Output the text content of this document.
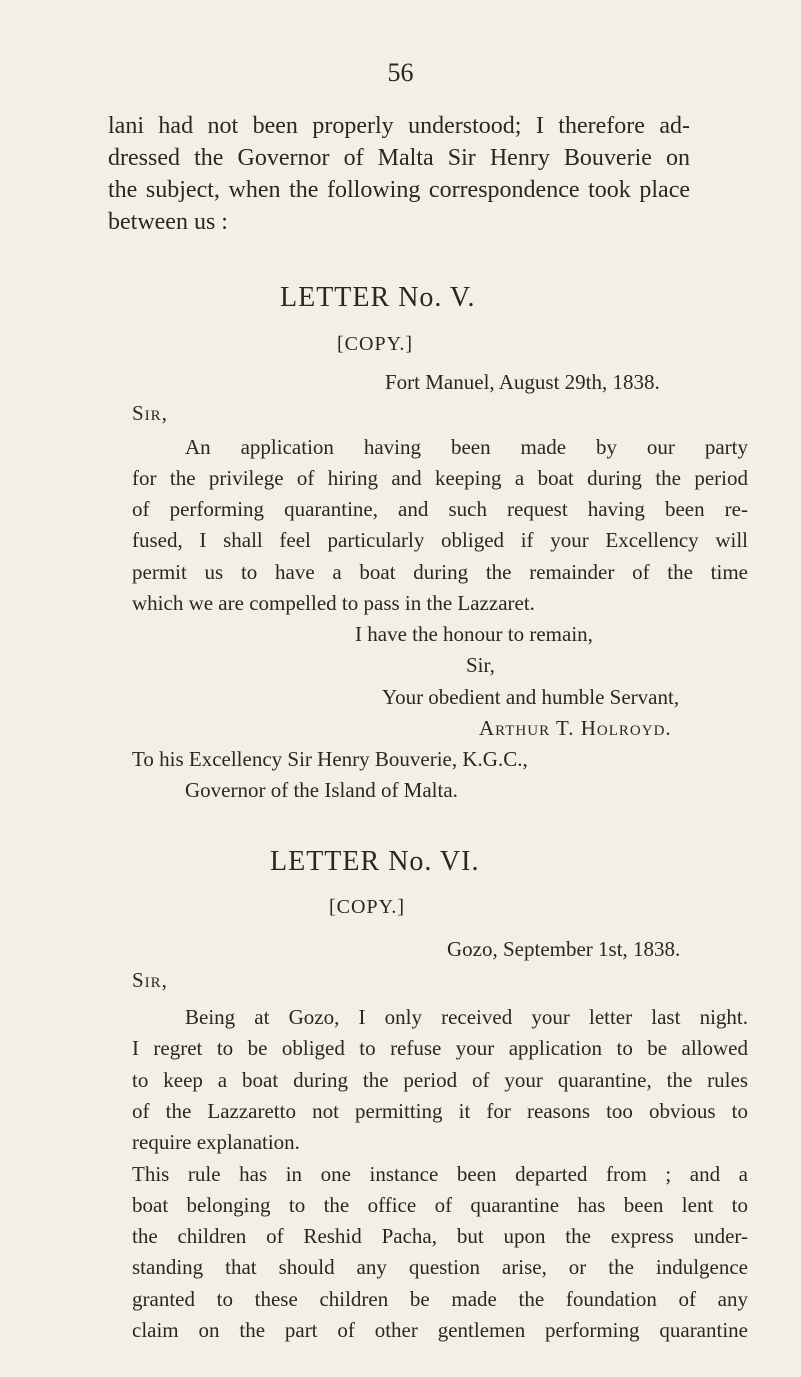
56
lani had not been properly understood; I therefore ad-
dressed the Governor of Malta Sir Henry Bouverie on
the subject, when the following correspondence took place
between us :
LETTER No. V.
[COPY.]
Fort Manuel, August 29th, 1838.
Sir,
An application having been made by our party
for the privilege of hiring and keeping a boat during the period
of performing quarantine, and such request having been re-
fused, I shall feel particularly obliged if your Excellency will
permit us to have a boat during the remainder of the time
which we are compelled to pass in the Lazzaret.
I have the honour to remain,
Sir,
Your obedient and humble Servant,
Arthur T. Holroyd.
To his Excellency Sir Henry Bouverie, K.G.C.,
Governor of the Island of Malta.
LETTER No. VI.
[COPY.]
Gozo, September 1st, 1838.
Sir,
Being at Gozo, I only received your letter last night.
I regret to be obliged to refuse your application to be allowed
to keep a boat during the period of your quarantine, the rules
of the Lazzaretto not permitting it for reasons too obvious to
require explanation.
This rule has in one instance been departed from ; and a
boat belonging to the office of quarantine has been lent to
the children of Reshid Pacha, but upon the express under-
standing that should any question arise, or the indulgence
granted to these children be made the foundation of any
claim on the part of other gentlemen performing quarantine
